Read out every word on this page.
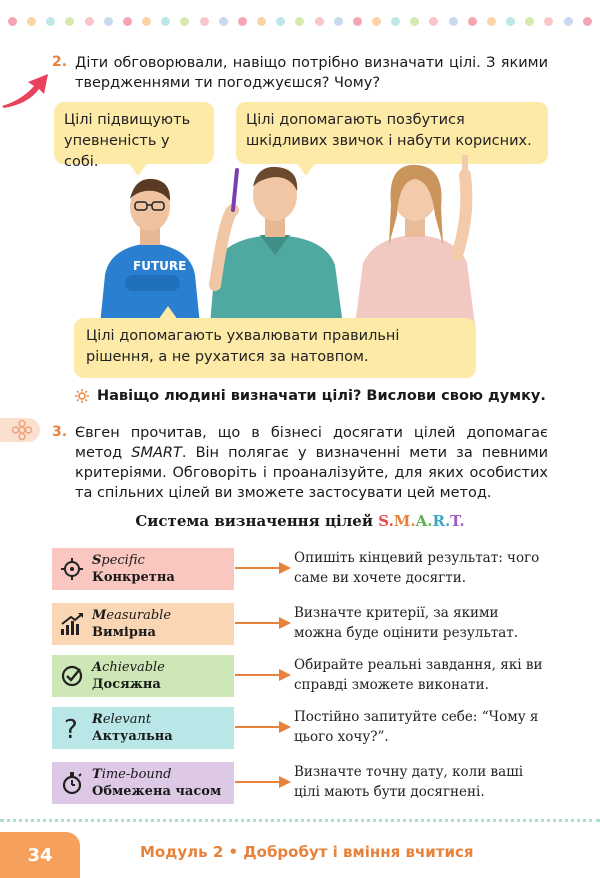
2. Діти обговорювали, навіщо потрібно визначати цілі. З якими твердженнями ти погоджуєшся? Чому?
Цілі підвищують упевненість у собі.
Цілі допомагають позбутися шкідливих звичок і набути корисних.
FUTURE
Цілі допомагають ухвалювати правильні рішення, а не рухатися за натовпом.
Навіщо людині визначати цілі? Вислови свою думку.
3. Євген прочитав, що в бізнесі досягати цілей допомагає метод SMART. Він полягає у визначенні мети за певними критеріями. Обговоріть і проаналізуйте, для яких особистих та спільних цілей ви зможете застосувати цей метод.
Система визначення цілей S.M.A.R.T.
Specific
Конкретна
Опишіть кінцевий результат: чого саме ви хочете досягти.
Measurable
Вимірна
Визначте критерії, за якими можна буде оцінити результат.
Achievable
Досяжна
Обирайте реальні завдання, які ви справді зможете виконати.
? Relevant
Актуальна
Постійно запитуйте себе: “Чому я цього хочу?”.
Time-bound
Обмежена часом
Визначте точну дату, коли ваші цілі мають бути досягнені.
34	Модуль 2 • Добробут і вміння вчитися
